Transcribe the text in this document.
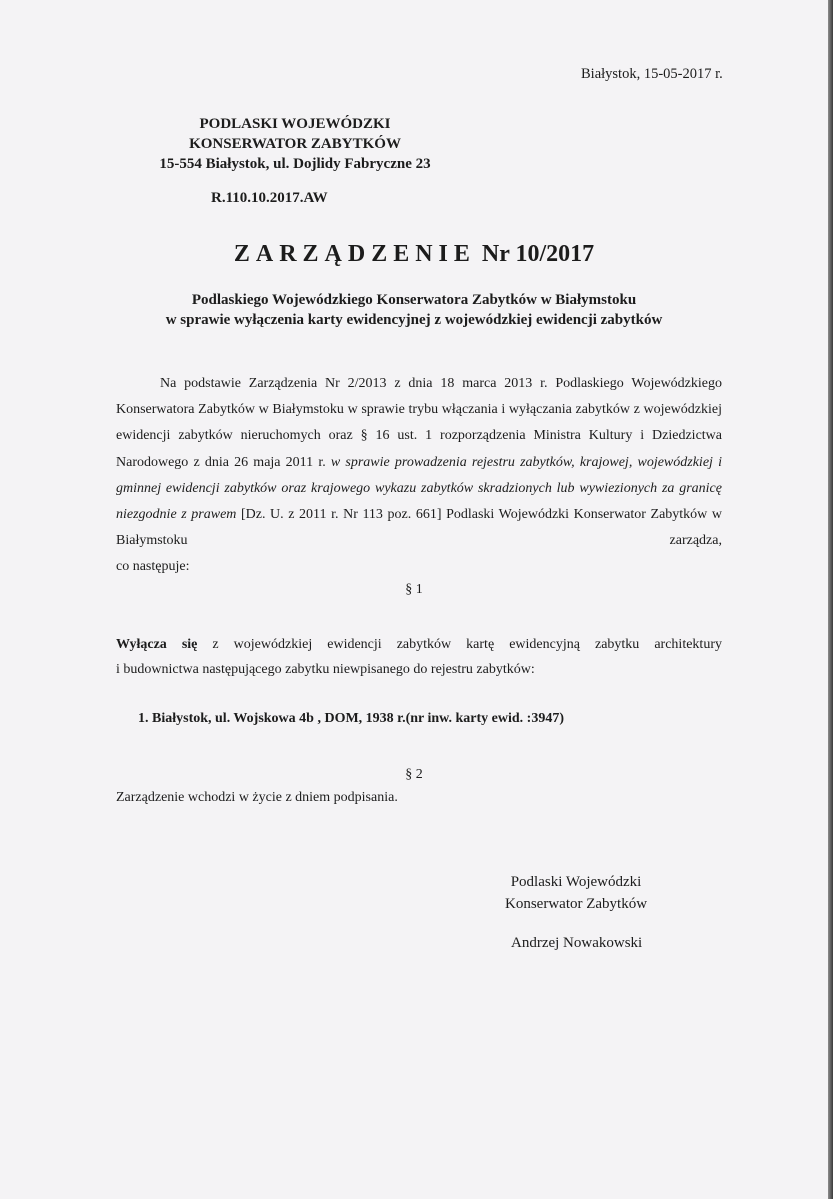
Białystok, 15-05-2017 r.
PODLASKI WOJEWÓDZKI
KONSERWATOR ZABYTKÓW
15-554 Białystok, ul. Dojlidy Fabryczne 23
R.110.10.2017.AW
ZARZĄDZENIE Nr 10/2017
Podlaskiego Wojewódzkiego Konserwatora Zabytków w Białymstoku
w sprawie wyłączenia karty ewidencyjnej z wojewódzkiej ewidencji zabytków

Na podstawie Zarządzenia Nr 2/2013 z dnia 18 marca 2013 r. Podlaskiego Wojewódzkiego Konserwatora Zabytków w Białymstoku w sprawie trybu włączania i wyłączania zabytków z wojewódzkiej ewidencji zabytków nieruchomych oraz § 16 ust. 1 rozporządzenia Ministra Kultury i Dziedzictwa Narodowego z dnia 26 maja 2011 r. w sprawie prowadzenia rejestru zabytków, krajowej, wojewódzkiej i gminnej ewidencji zabytków oraz krajowego wykazu zabytków skradzionych lub wywiezionych za granicę niezgodnie z prawem [Dz. U. z 2011 r. Nr 113 poz. 661] Podlaski Wojewódzki Konserwator Zabytków w Białymstoku zarządza,

co następuje:

§ 1

Wyłącza się z wojewódzkiej ewidencji zabytków kartę ewidencyjną zabytku architektury

i budownictwa następującego zabytku niewpisanego do rejestru zabytków:

1. Białystok, ul. Wojskowa 4b , DOM, 1938 r.(nr inw. karty ewid. :3947)
§ 2
Zarządzenie wchodzi w życie z dniem podpisania.
Podlaski Wojewódzki
Konserwator Zabytków
Andrzej Nowakowski
